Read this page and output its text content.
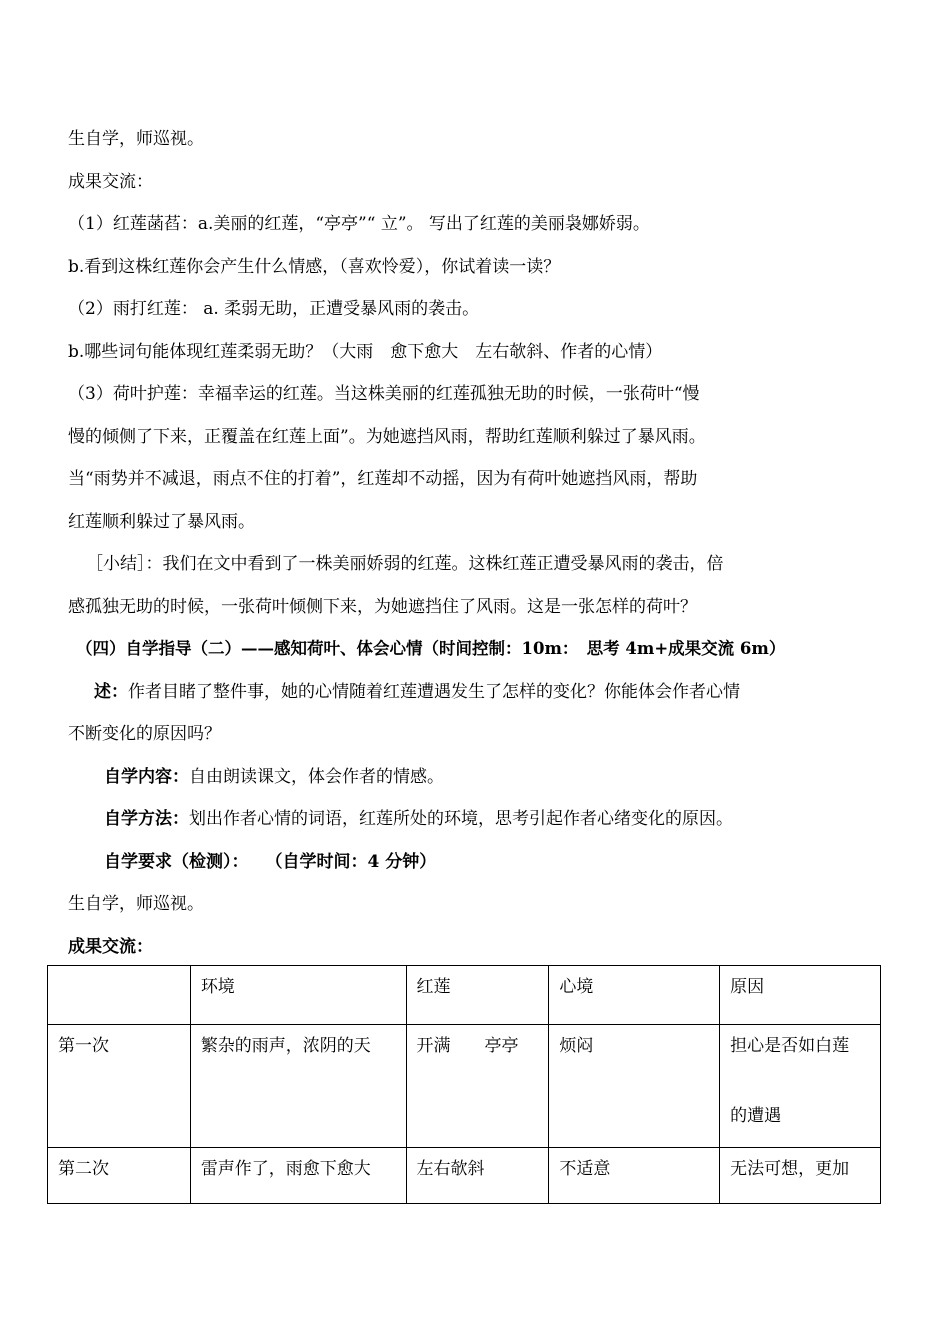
生自学，师巡视。
成果交流：
（1）红莲菡萏：a.美丽的红莲，“亭亭”“ 立”。 写出了红莲的美丽袅娜娇弱。
b.看到这株红莲你会产生什么情感，（喜欢怜爱），你试着读一读？
（2）雨打红莲： a. 柔弱无助，正遭受暴风雨的袭击。
b.哪些词句能体现红莲柔弱无助？（大雨　愈下愈大　左右欹斜、作者的心情）
（3）荷叶护莲：幸福幸运的红莲。当这株美丽的红莲孤独无助的时候，一张荷叶“慢
慢的倾侧了下来，正覆盖在红莲上面”。为她遮挡风雨，帮助红莲顺利躲过了暴风雨。
当“雨势并不减退，雨点不住的打着”，红莲却不动摇，因为有荷叶她遮挡风雨，帮助
红莲顺利躲过了暴风雨。
［小结］：我们在文中看到了一株美丽娇弱的红莲。这株红莲正遭受暴风雨的袭击，倍
感孤独无助的时候，一张荷叶倾侧下来，为她遮挡住了风雨。这是一张怎样的荷叶？
（四）自学指导（二）——感知荷叶、体会心情（时间控制：10m：　思考 4m+成果交流 6m）
述：作者目睹了整件事，她的心情随着红莲遭遇发生了怎样的变化？你能体会作者心情
不断变化的原因吗？
自学内容：自由朗读课文，体会作者的情感。
自学方法：划出作者心情的词语，红莲所处的环境，思考引起作者心绪变化的原因。
自学要求（检测）：　　（自学时间：4 分钟）
生自学，师巡视。
成果交流：
	环境	红莲	心境	原因
第一次	繁杂的雨声，浓阴的天	开满　　亭亭	烦闷	担心是否如白莲
的遭遇

第二次	雷声作了，雨愈下愈大	左右欹斜	不适意	无法可想，更加
